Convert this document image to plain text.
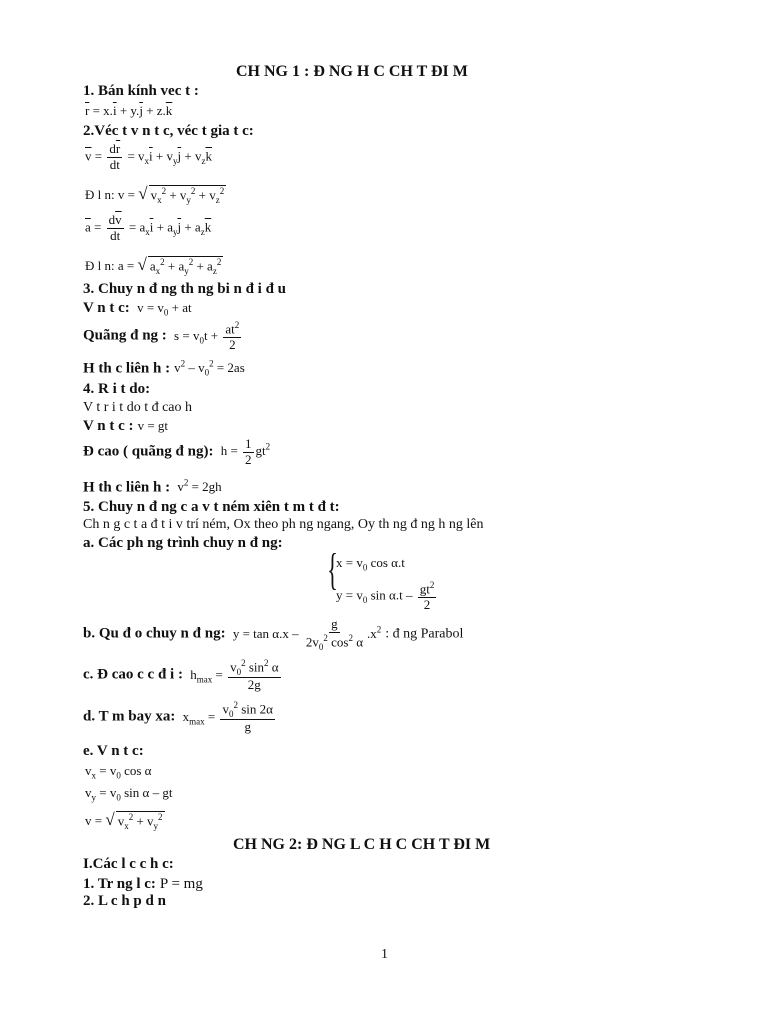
CH NG 1 : Đ NG H C CH T ĐI M
1. Bán kính vec t :
$\overline{r} = x.\overline{i} + y.\overline{j} + z.\overline{k}$
2.Véc t v n t c, véc t gia t c:
$\overline{v} = \frac{d\overline{r}}{dt} = v_x\overline{i} + v_y\overline{j} + v_z\overline{k}$
Đ l n: v = √ $v_x^2 + v_y^2 + v_z^2$
$\overline{a} = \frac{d\overline{v}}{dt} = a_x\overline{i} + a_y\overline{j} + a_z\overline{k}$
Đ l n: a = √ $a_x^2 + a_y^2 + a_z^2$
3. Chuy n đ ng th ng bi n đ i đ u
V n t c:  $v = v_0$ + at
Quãng đ ng :  $s = v_0t + \frac{at^2}{2}$
H th c liên h : $v^2 - v_0^2 = 2as$
4. R i t do:
V t r i t do t đ cao h
V n t c : v = gt
Đ cao ( quãng đ ng):  $h = \frac{1}{2} gt^2$
H th c liên h :  $v^2 = 2gh$
5. Chuy n đ ng c a v t ném xiên t m t đ t:
Ch n g c t a đ t i v trí ném, Ox theo ph ng ngang, Oy th ng đ ng h ng lên
a. Các ph ng trình chuy n đ ng:
{
$x = v_0$ cos α.t
$y = v_0$ $\sin \alpha.t - \frac{gt^2}{2}$
b. Qu đ o chuy n đ ng:  $y = \tan \alpha.x - \frac{g}{2v_0^2 \cos^2 \alpha} .x^2$ : đ ng Parabol
c. Đ cao c c đ i :  $h_{max} = \frac{v_0^2 \sin^2 \alpha}{2g}$
d. T m bay xa:  $x_{max} = \frac{v_0^2 \sin 2\alpha}{g}$
e. V n t c:
$v_x = v_0$ cos α
$v_y = v_0$ sin α – gt
v = √ $v_x^2 + v_y^2$
CH NG 2: Đ NG L C H C CH T ĐI M
I.Các l c c h c:
1. Tr ng l c: P = mg
2. L c h p d n
1
